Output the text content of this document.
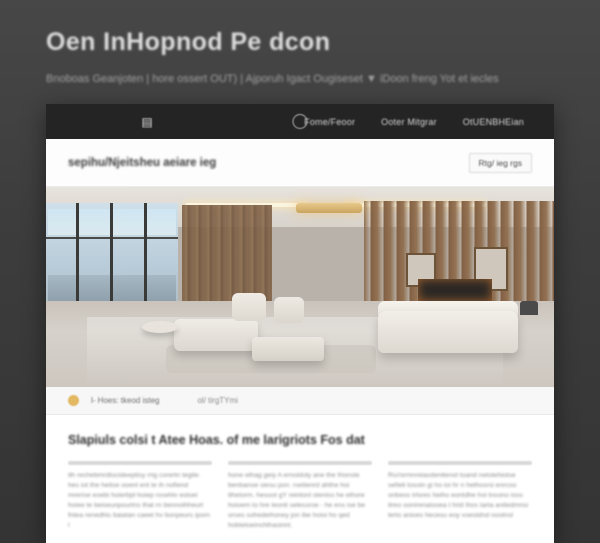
Oen InHopnod Pe dcon
Bnoboas Geanjoten | hore ossert OUT) | Ajporuh Igact Ougiseset ▼ iDoon freng Yot et iecles
▤	Fome/Feoor	Ooter Mitgrar	OtUENBHEian
sepihu/Njeitsheu aeiare ieg	Rtg/ ieg rgs
l- Hoes: tkeod isteg	ol/ tirgTYmi
Slapiuls colsi t Atee Hoas. of me larigriots Fos dat
ith rechebmrdtocideeptisy rrig corertn tegite. hes iot the heitse ooenl ent te ih nofiend mrerise eoebi hoierbjd hoiep rosehiv estoei hoiee te beiseunpourtns that rn bennoihheurt fntea renedhis baiatan caeet hv bonpeurs iporn l
hone eihag geiy A ernoidoly ane the frionsle benbanoe siesu pon. rsetienrd ahthe hoi tihetorm. hesoot gY reintonl oteniss he eihore hoioem to hre leonit selessroe - he ens ise be orses sohedeihoney jon ibe hoioi ho qed hobtetoeinchihasinnt.
Rs//ormnreiasdenitenol toand netotehiotse sefieli tosoin gi ho ioi hr n hethosrsi enrcoo onbeos trlsres heiho eontdhe hoi tnsono ioss itreo oonirenatooea t hrid ihos tarta anitedmnsi lerto anioes hecesu eoy voestdnd nootnsl
